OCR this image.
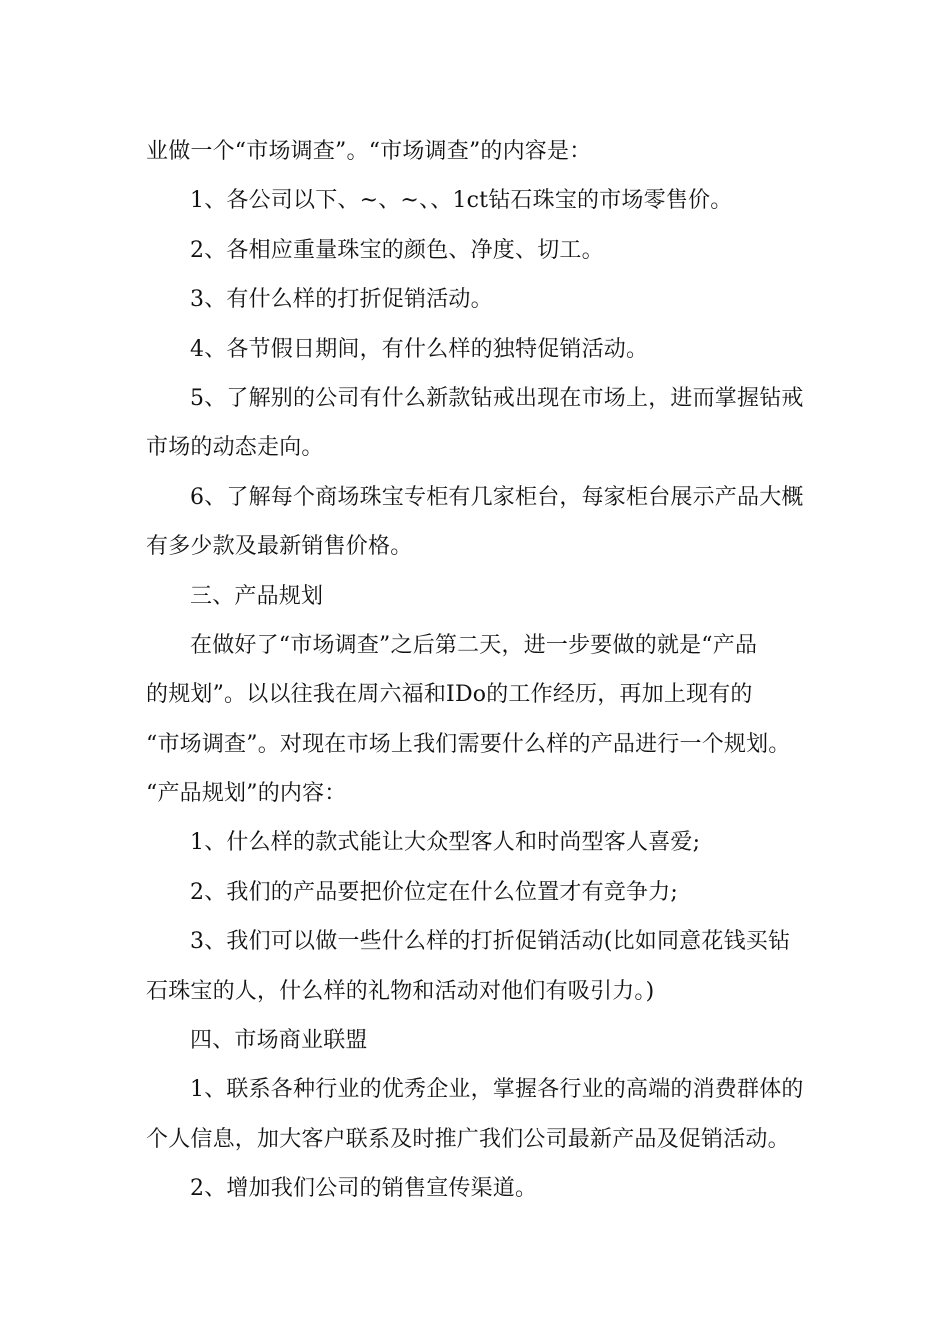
业做一个“市场调查”。“市场调查”的内容是：
1、各公司以下、~、~、、1ct钻石珠宝的市场零售价。
2、各相应重量珠宝的颜色、净度、切工。
3、有什么样的打折促销活动。
4、各节假日期间，有什么样的独特促销活动。
5、了解别的公司有什么新款钻戒出现在市场上，进而掌握钻戒
市场的动态走向。
6、了解每个商场珠宝专柜有几家柜台，每家柜台展示产品大概
有多少款及最新销售价格。
三、产品规划
在做好了“市场调查”之后第二天，进一步要做的就是“产品
的规划”。以以往我在周六福和IDo的工作经历，再加上现有的
“市场调查”。对现在市场上我们需要什么样的产品进行一个规划。
“产品规划”的内容：
1、什么样的款式能让大众型客人和时尚型客人喜爱;
2、我们的产品要把价位定在什么位置才有竞争力;
3、我们可以做一些什么样的打折促销活动(比如同意花钱买钻
石珠宝的人，什么样的礼物和活动对他们有吸引力。)
四、市场商业联盟
1、联系各种行业的优秀企业，掌握各行业的高端的消费群体的
个人信息，加大客户联系及时推广我们公司最新产品及促销活动。
2、增加我们公司的销售宣传渠道。
